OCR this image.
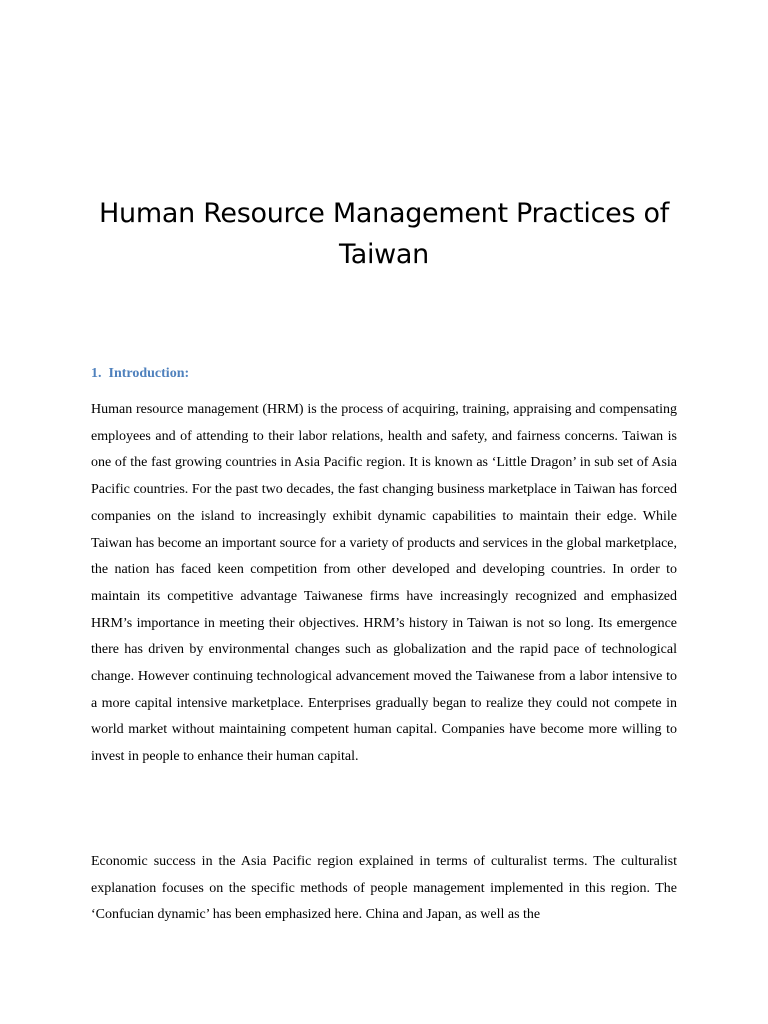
Human Resource Management Practices of Taiwan
1. Introduction:

Human resource management (HRM) is the process of acquiring, training, appraising and compensating employees and of attending to their labor relations, health and safety, and fairness concerns. Taiwan is one of the fast growing countries in Asia Pacific region. It is known as ‘Little Dragon’ in sub set of Asia Pacific countries. For the past two decades, the fast changing business marketplace in Taiwan has forced companies on the island to increasingly exhibit dynamic capabilities to maintain their edge. While Taiwan has become an important source for a variety of products and services in the global marketplace, the nation has faced keen competition from other developed and developing countries. In order to maintain its competitive advantage Taiwanese firms have increasingly recognized and emphasized HRM’s importance in meeting their objectives. HRM’s history in Taiwan is not so long. Its emergence there has driven by environmental changes such as globalization and the rapid pace of technological change. However continuing technological advancement moved the Taiwanese from a labor intensive to a more capital intensive marketplace. Enterprises gradually began to realize they could not compete in world market without maintaining competent human capital. Companies have become more willing to invest in people to enhance their human capital.

Economic success in the Asia Pacific region explained in terms of culturalist terms. The culturalist explanation focuses on the specific methods of people management implemented in this region. The ‘Confucian dynamic’ has been emphasized here. China and Japan, as well as the
